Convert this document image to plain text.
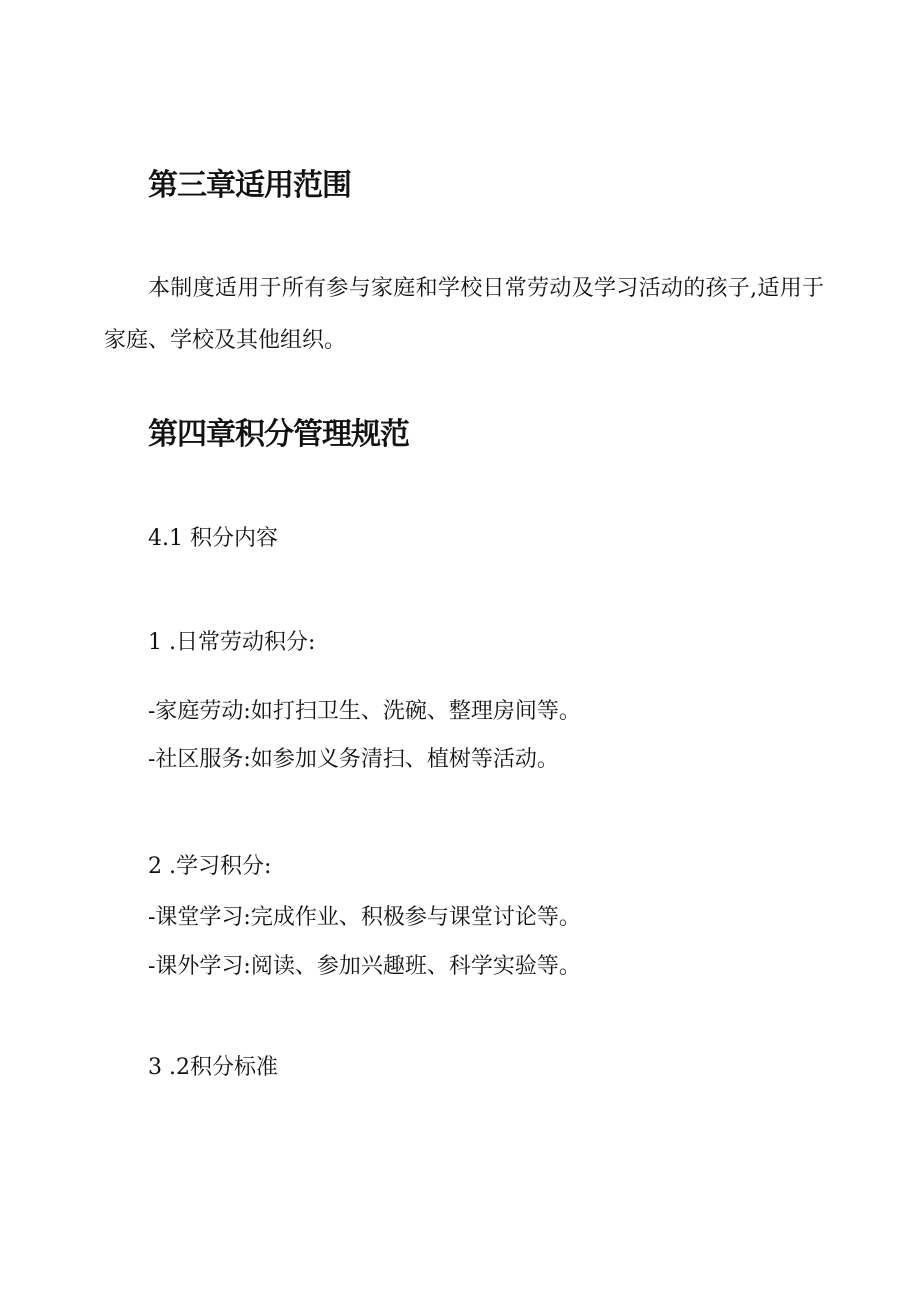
第三章适用范围
本制度适用于所有参与家庭和学校日常劳动及学习活动的孩子,适用于家庭、学校及其他组织。
第四章积分管理规范
4.1 积分内容
1 .日常劳动积分:
-家庭劳动:如打扫卫生、洗碗、整理房间等。
-社区服务:如参加义务清扫、植树等活动。
2 .学习积分:
-课堂学习:完成作业、积极参与课堂讨论等。
-课外学习:阅读、参加兴趣班、科学实验等。
3 .2积分标准
